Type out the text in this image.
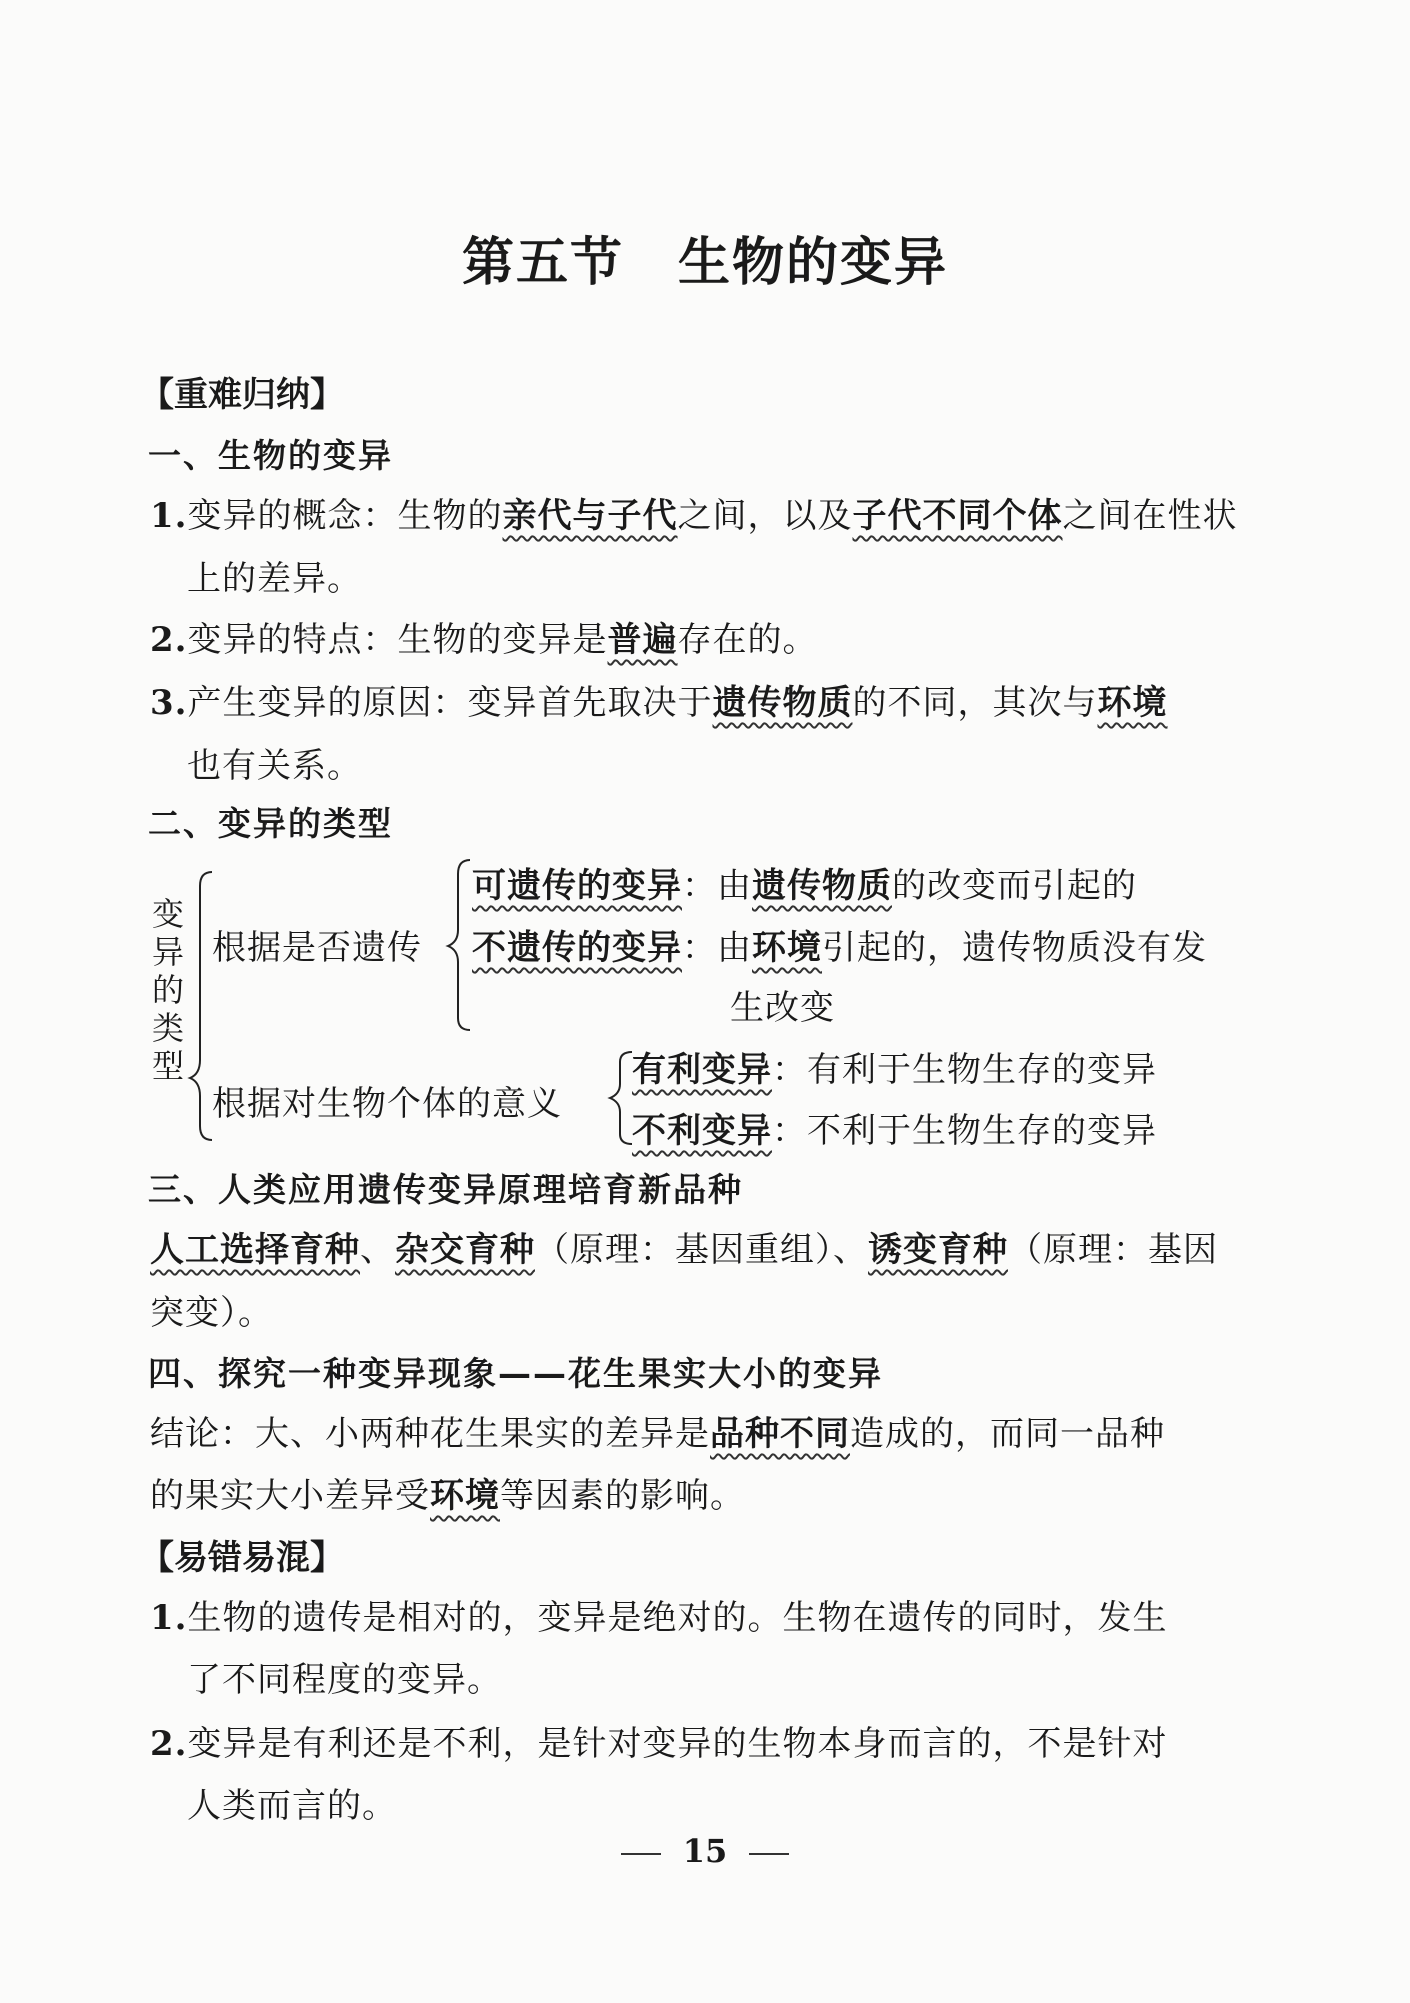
第五节　生物的变异
【重难归纳】
一、生物的变异
1.变异的概念：生物的亲代与子代之间，以及子代不同个体之间在性状
上的差异。
2.变异的特点：生物的变异是普遍存在的。
3.产生变异的原因：变异首先取决于遗传物质的不同，其次与环境
也有关系。
二、变异的类型
变
异
的
类
型
根据是否遗传
可遗传的变异：由遗传物质的改变而引起的
不遗传的变异：由环境引起的，遗传物质没有发
生改变
根据对生物个体的意义
有利变异：有利于生物生存的变异
不利变异：不利于生物生存的变异
三、人类应用遗传变异原理培育新品种
人工选择育种、杂交育种（原理：基因重组）、诱变育种（原理：基因
突变）。
四、探究一种变异现象——花生果实大小的变异
结论：大、小两种花生果实的差异是品种不同造成的，而同一品种
的果实大小差异受环境等因素的影响。
【易错易混】
1.生物的遗传是相对的，变异是绝对的。生物在遗传的同时，发生
了不同程度的变异。
2.变异是有利还是不利，是针对变异的生物本身而言的，不是针对
人类而言的。
15
